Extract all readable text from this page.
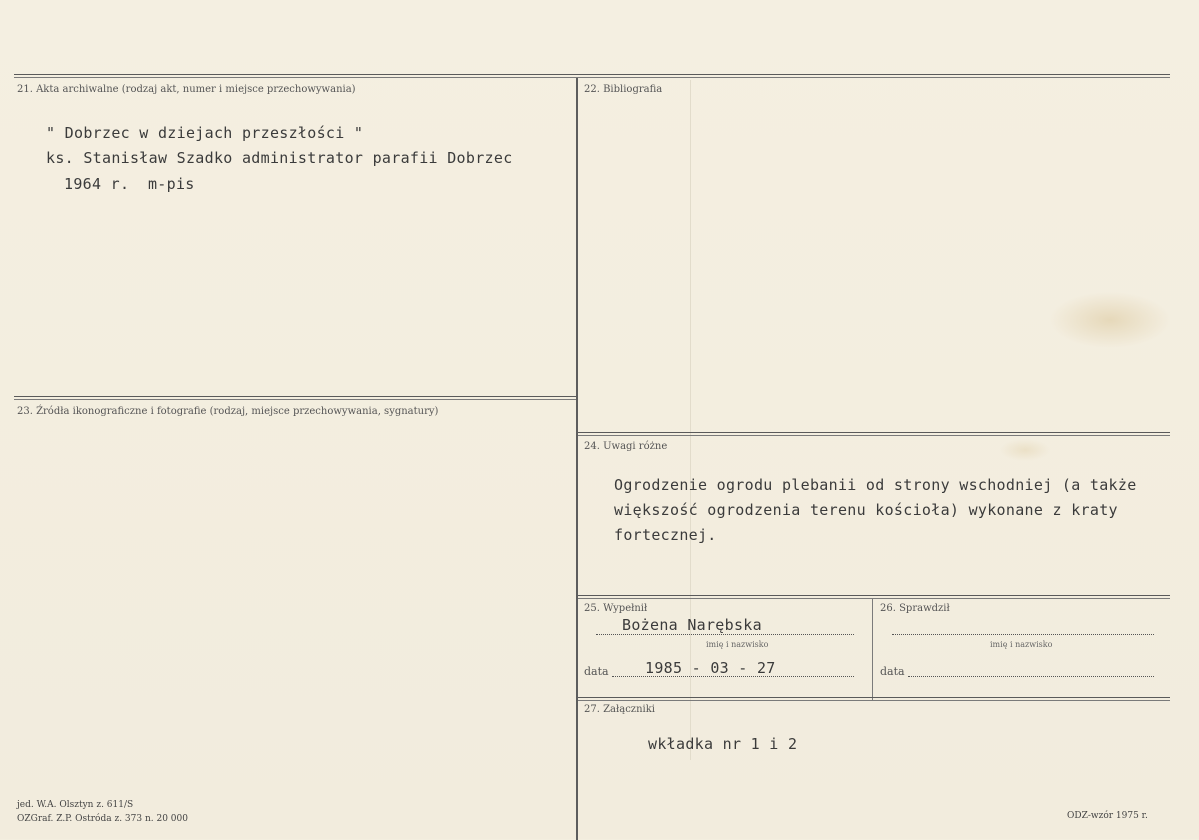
21. Akta archiwalne (rodzaj akt, numer i miejsce przechowywania)
" Dobrzec w dziejach przeszłości "
ks. Stanisław Szadko administrator parafii Dobrzec
1964 r.  m-pis
22. Bibliografia
23. Źródła ikonograficzne i fotografie (rodzaj, miejsce przechowywania, sygnatury)
24. Uwagi różne
Ogrodzenie ogrodu plebanii od strony wschodniej (a także
większość ogrodzenia terenu kościoła) wykonane z kraty
fortecznej.
25. Wypełnił
Bożena Narębska
imię i nazwisko
data 1985 - 03 - 27
26. Sprawdził
imię i nazwisko
data
27. Załączniki
wkładka nr 1 i 2
jed. W.A. Olsztyn z. 611/S
OZGraf. Z.P. Ostróda z. 373 n. 20 000	ODZ-wzór 1975 r.
